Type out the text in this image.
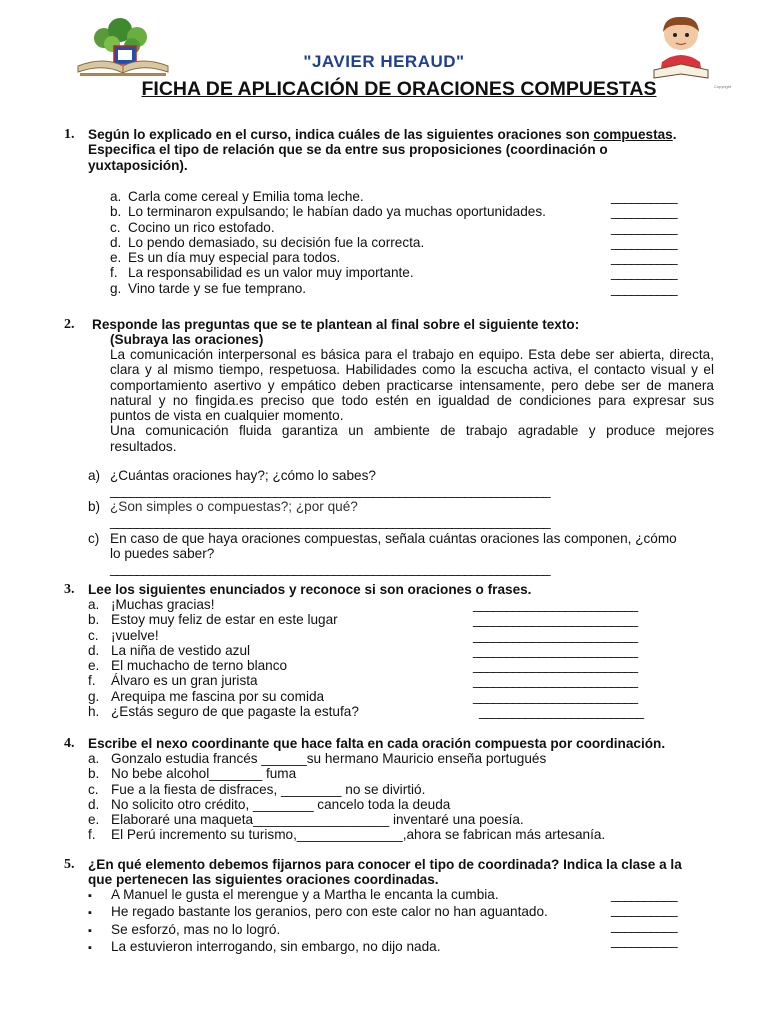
Copyright
"JAVIER HERAUD"
FICHA DE APLICACIÓN DE ORACIONES COMPUESTAS
1. Según lo explicado en el curso, indica cuáles de las siguientes oraciones son compuestas.
Especifica el tipo de relación que se da entre sus proposiciones (coordinación o
yuxtaposición).
a. Carla come cereal y Emilia toma leche.
b. Lo terminaron expulsando; le habían dado ya muchas oportunidades.
c. Cocino un rico estofado.
d. Lo pendo demasiado, su decisión fue la correcta.
e. Es un día muy especial para todos.
f. La responsabilidad es un valor muy importante.
g. Vino tarde y se fue temprano.
__________
__________
__________
__________
__________
__________
__________
2. Responde las preguntas que se te plantean al final sobre el siguiente texto:
(Subraya las oraciones)
La comunicación interpersonal es básica para el trabajo en equipo. Esta debe ser abierta, directa,
clara y al mismo tiempo, respetuosa. Habilidades como la escucha activa, el contacto visual y el
comportamiento asertivo y empático deben practicarse intensamente, pero debe ser de manera
natural y no fingida.es preciso que todo estén en igualdad de condiciones para expresar sus
puntos de vista en cualquier momento.
Una comunicación fluida garantiza un ambiente de trabajo agradable y produce mejores
resultados.
a) ¿Cuántas oraciones hay?; ¿cómo lo sabes?
___________________________________________________________________
b) ¿Son simples o compuestas?; ¿por qué?
___________________________________________________________________
c) En caso de que haya oraciones compuestas, señala cuántas oraciones las componen, ¿cómo
lo puedes saber?
___________________________________________________________________
3. Lee los siguientes enunciados y reconoce si son oraciones o frases.
a. ¡Muchas gracias!
b. Estoy muy feliz de estar en este lugar
c. ¡vuelve!
d. La niña de vestido azul
e. El muchacho de terno blanco
f. Álvaro es un gran jurista
g. Arequipa me fascina por su comida
h. ¿Estás seguro de que pagaste la estufa?
_________________________
_________________________
_________________________
_________________________
_________________________
_________________________
_________________________
_________________________
4. Escribe el nexo coordinante que hace falta en cada oración compuesta por coordinación.
a. Gonzalo estudia francés ______su hermano Mauricio enseña portugués
b. No bebe alcohol_______ fuma
c. Fue a la fiesta de disfraces, ________ no se divirtió.
d. No solicito otro crédito, ________ cancelo toda la deuda
e. Elaboraré una maqueta__________________ inventaré una poesía.
f. El Perú incremento su turismo,______________,ahora se fabrican más artesanía.
5. ¿En qué elemento debemos fijarnos para conocer el tipo de coordinada? Indica la clase a la
que pertenecen las siguientes oraciones coordinadas.
▪ A Manuel le gusta el merengue y a Martha le encanta la cumbia.
▪ He regado bastante los geranios, pero con este calor no han aguantado.
▪ Se esforzó, mas no lo logró.
▪ La estuvieron interrogando, sin embargo, no dijo nada.
__________
__________
__________
__________
